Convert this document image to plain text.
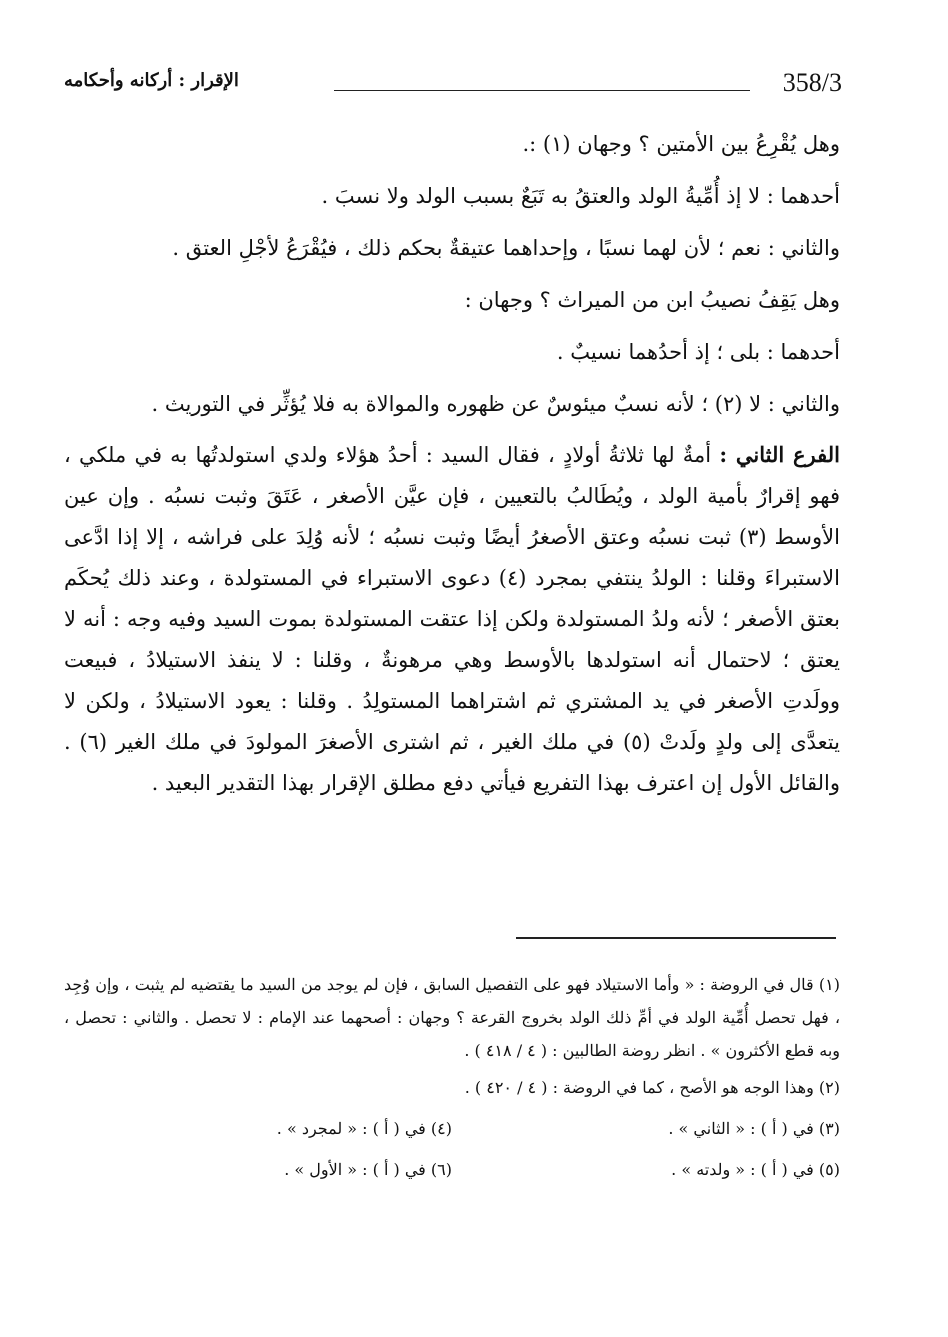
الإقرار : أركانه وأحكامه	358/3

وهل يُقْرِعُ بين الأمتين ؟ وجهان (١) :.

أحدهما : لا إذ أُمِّيةُ الولد والعتقُ به تَبَعٌ بسبب الولد ولا نسبَ .

والثاني : نعم ؛ لأن لهما نسبًا ، وإحداهما عتيقةٌ بحكم ذلك ، فيُقْرَعُ لأجْلِ العتق .

وهل يَقِفُ نصيبُ ابن من الميراث ؟ وجهان :

أحدهما : بلى ؛ إذ أحدُهما نسيبٌ .

والثاني : لا (٢) ؛ لأنه نسبٌ ميئوسٌ عن ظهوره والموالاة به فلا يُؤثِّر في التوريث .

الفرع الثاني : أمةٌ لها ثلاثةُ أولادٍ ، فقال السيد : أحدُ هؤلاء ولدي استولدتُها به في ملكي ، فهو إقرارٌ بأمية الولد ، ويُطَالبُ بالتعيين ، فإن عيَّن الأصغر ، عَتَقَ وثبت نسبُه . وإن عين الأوسط (٣) ثبت نسبُه وعتق الأصغرُ أيضًا وثبت نسبُه ؛ لأنه وُلِدَ على فراشه ، إلا إذا ادَّعى الاستبراءَ وقلنا : الولدُ ينتفي بمجرد (٤) دعوى الاستبراء في المستولدة ، وعند ذلك يُحكَم بعتق الأصغر ؛ لأنه ولدُ المستولدة ولكن إذا عتقت المستولدة بموت السيد وفيه وجه : أنه لا يعتق ؛ لاحتمال أنه استولدها بالأوسط وهي مرهونةٌ ، وقلنا : لا ينفذ الاستيلادُ ، فبيعت وولَدتِ الأصغر في يد المشتري ثم اشتراهما المستولِدُ . وقلنا : يعود الاستيلادُ ، ولكن لا يتعدَّى إلى ولدٍ ولَدتْ (٥) في ملك الغير ، ثم اشترى الأصغرَ المولودَ في ملك الغير (٦) . والقائل الأول إن اعترف بهذا التفريع فيأتي دفع مطلق الإقرار بهذا التقدير البعيد .

(١) قال في الروضة : « وأما الاستيلاد فهو على التفصيل السابق ، فإن لم يوجد من السيد ما يقتضيه لم يثبت ، وإن وُجِد ، فهل تحصل أُمِّية الولد في أمِّ ذلك الولد بخروج القرعة ؟ وجهان : أصحهما عند الإمام : لا تحصل . والثاني : تحصل ، وبه قطع الأكثرون » . انظر روضة الطالبين : ( ٤ / ٤١٨ ) .

(٢) وهذا الوجه هو الأصح ، كما في الروضة : ( ٤ / ٤٢٠ ) .

(٣) في ( أ ) : « الثاني » .
(٤) في ( أ ) : « لمجرد » .
(٥) في ( أ ) : « ولدته » .
(٦) في ( أ ) : « الأول » .
